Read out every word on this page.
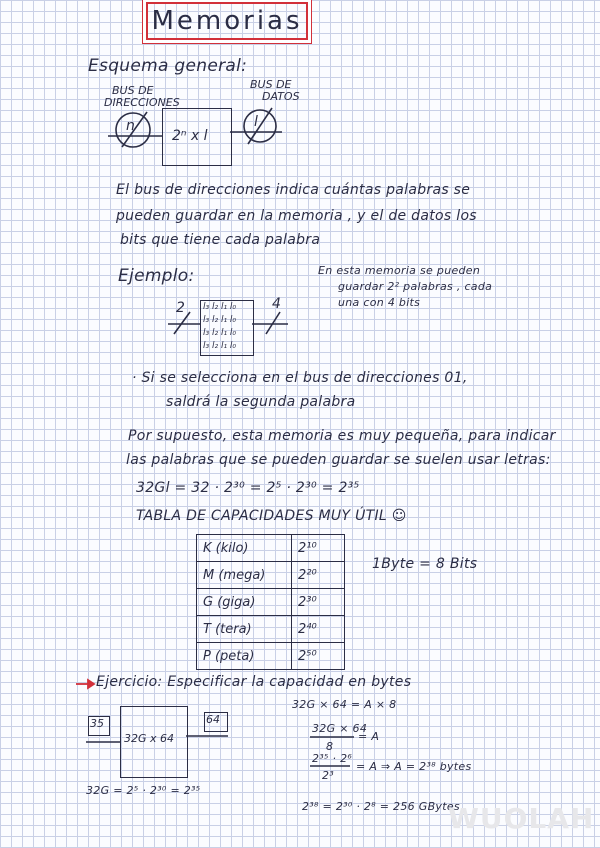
Memorias
Esquema general:
BUS DE
DIRECCIONES
BUS DE
DATOS
2ⁿ x l
n	l
El bus de direcciones indica cuántas palabras se
pueden guardar en la memoria , y el de datos los
bits que tiene cada palabra
Ejemplo:
2	4
l₃ l₂ l₁ l₀
l₃ l₂ l₁ l₀
l₃ l₂ l₁ l₀
l₃ l₂ l₁ l₀
En esta memoria se pueden
guardar 2² palabras , cada
una con 4 bits
· Si se selecciona en el bus de direcciones 01,
saldrá la segunda palabra
Por supuesto, esta memoria es muy pequeña, para indicar
las palabras que se pueden guardar se suelen usar letras:
32Gl = 32 · 2³⁰ = 2⁵ · 2³⁰ = 2³⁵
TABLA DE CAPACIDADES MUY ÚTIL ☺
K (kilo)	2¹⁰
M (mega)	2²⁰
G (giga)	2³⁰
T (tera)	2⁴⁰
P (peta)	2⁵⁰
1Byte = 8 Bits
Ejercicio: Especificar la capacidad en bytes
35	64
32G x 64
32G = 2⁵ · 2³⁰ = 2³⁵
32G × 64 = A × 8
32G × 64
8
= A
2³⁵ · 2⁶
2³
= A ⇒ A = 2³⁸ bytes
2³⁸ = 2³⁰ · 2⁸ = 256 GBytes
WUOLAH
